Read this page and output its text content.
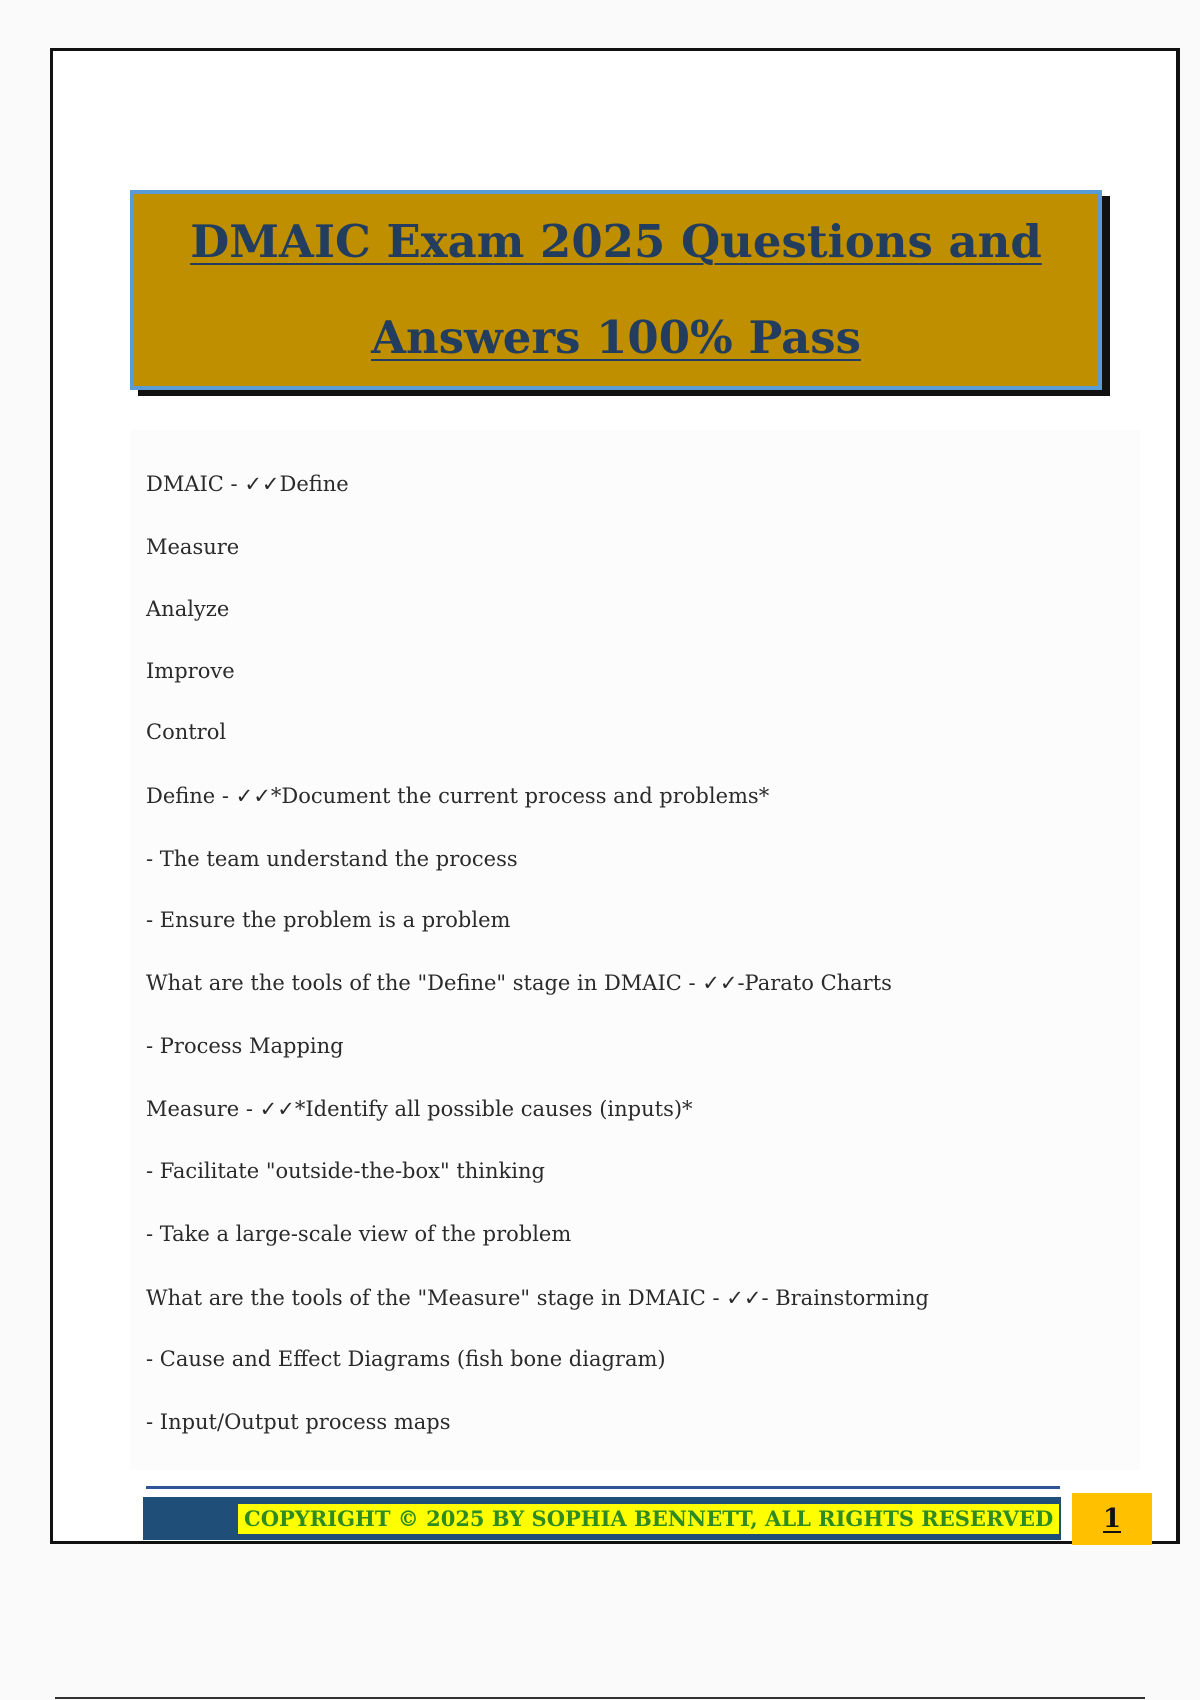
DMAIC Exam 2025 Questions and
Answers 100% Pass
DMAIC - ✓✓Define
Measure
Analyze
Improve
Control
Define - ✓✓*Document the current process and problems*
- The team understand the process
- Ensure the problem is a problem
What are the tools of the "Define" stage in DMAIC - ✓✓-Parato Charts
- Process Mapping
Measure - ✓✓*Identify all possible causes (inputs)*
- Facilitate "outside-the-box" thinking
- Take a large-scale view of the problem
What are the tools of the "Measure" stage in DMAIC - ✓✓- Brainstorming
- Cause and Effect Diagrams (fish bone diagram)
- Input/Output process maps
COPYRIGHT © 2025 BY SOPHIA BENNETT, ALL RIGHTS RESERVED 1
